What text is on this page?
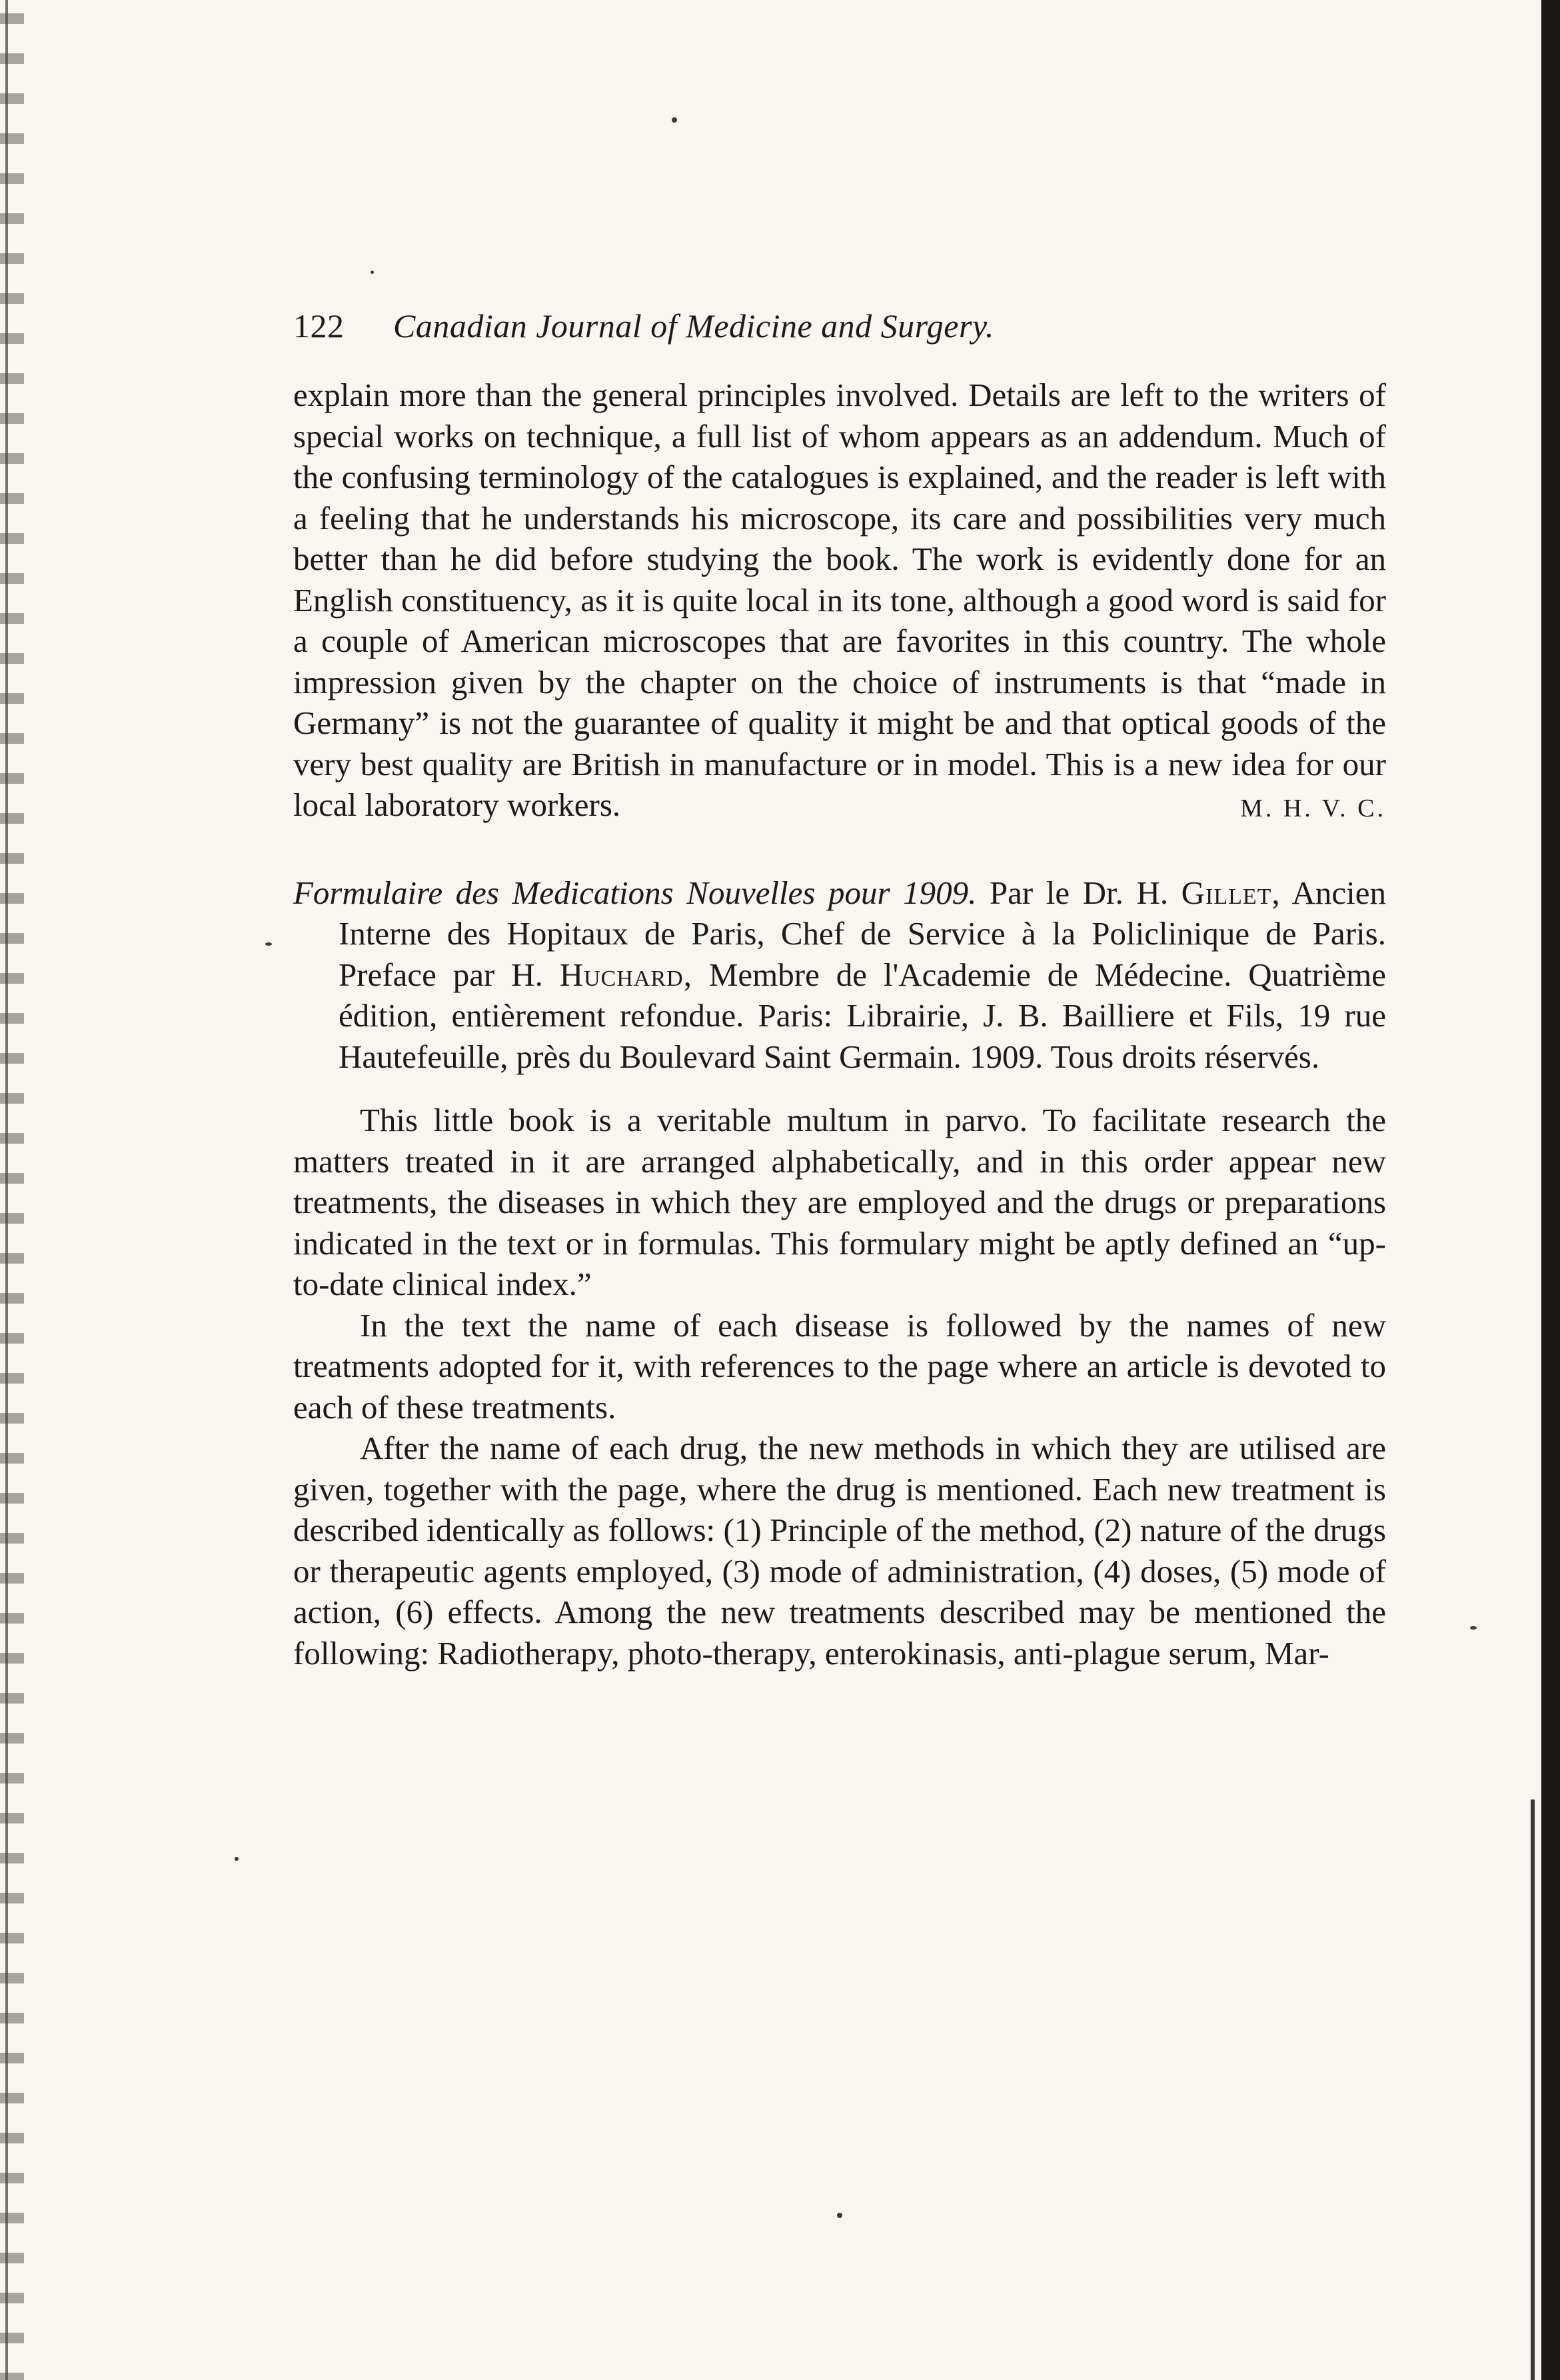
122	Canadian Journal of Medicine and Surgery.

explain more than the general principles involved. Details are left to the writers of special works on technique, a full list of whom appears as an addendum. Much of the confusing terminology of the catalogues is explained, and the reader is left with a feeling that he understands his microscope, its care and possibilities very much better than he did before studying the book. The work is evidently done for an English constituency, as it is quite local in its tone, although a good word is said for a couple of American microscopes that are favorites in this country. The whole impression given by the chapter on the choice of instruments is that “made in Germany” is not the guarantee of quality it might be and that optical goods of the very best quality are British in manufacture or in model. This is a new idea for our local laboratory workers.	M. H. V. C.

Formulaire des Medications Nouvelles pour 1909. Par le Dr. H. Gillet, Ancien Interne des Hopitaux de Paris, Chef de Service à la Policlinique de Paris. Preface par H. Huchard, Membre de l'Academie de Médecine. Quatrième édition, entièrement refondue. Paris: Librairie, J. B. Bailliere et Fils, 19 rue Hautefeuille, près du Boulevard Saint Germain. 1909. Tous droits réservés.

This little book is a veritable multum in parvo. To facilitate research the matters treated in it are arranged alphabetically, and in this order appear new treatments, the diseases in which they are employed and the drugs or preparations indicated in the text or in formulas. This formulary might be aptly defined an “up-to-date clinical index.”

In the text the name of each disease is followed by the names of new treatments adopted for it, with references to the page where an article is devoted to each of these treatments.

After the name of each drug, the new methods in which they are utilised are given, together with the page, where the drug is mentioned. Each new treatment is described identically as follows: (1) Principle of the method, (2) nature of the drugs or therapeutic agents employed, (3) mode of administration, (4) doses, (5) mode of action, (6) effects. Among the new treatments described may be mentioned the following: Radiotherapy, photo-therapy, enterokinasis, anti-plague serum, Mar-
